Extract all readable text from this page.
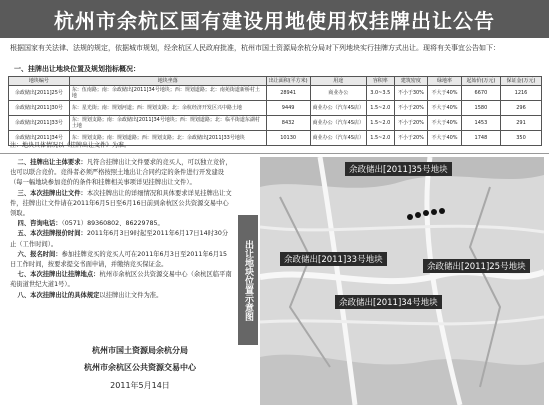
杭州市余杭区国有建设用地使用权挂牌出让公告
根据国家有关法律、法规的规定，依据城市规划，经余杭区人民政府批准，杭州市国土资源局余杭分局对下列地块实行挂牌方式出让。现将有关事宜公告如下：
一、挂牌出让地块位置及规划指标概况：
地块编号	地块坐落	出让面积(平方米)	用途	容积率	建筑密度	绿地率	起始价(万元)	保证金(万元)
余政储出[2011]25号	东：伍南路；南：余政储出[2011]34号地块；西：规划道路；北：南苑街道新桥村土地	28941	商业办公	3.0~3.5	不小于30%	不大于40%	6670	1216
余政储出[2011]30号	东：星光街；南：规划河道；西：规划支路；北：余杭经济开发区兴中路土地	9449	商业办公（汽车4S店）	1.5~2.0	不小于20%	不大于40%	1580	296
余政储出[2011]33号	东：规划支路；南：余政储出[2011]34号地块；西：规划道路；北：临平街道东湖村土地	8432	商业办公（汽车4S店）	1.5~2.0	不小于20%	不大于40%	1453	291
余政储出[2011]34号	东：规划支路；南：规划道路；西：规划支路；北：余政储出[2011]33号地块	10130	商业办公（汽车4S店）	1.5~2.0	不小于20%	不大于40%	1748	350
注：地块具体情况以《挂牌出让文件》为准。

二、挂牌出让主体要求：凡符合挂牌出让文件要求的竞买人，可以独立竞价，也可以联合竞价。竞得者必须严格按照土地出让合同约定的条件进行开发建设（每一幅地块参加竞价的条件和挂牌相关事项详见挂牌出让文件）。

三、本次挂牌出让文件：本次挂牌出让的详细情况和具体要求详见挂牌出让文件，挂牌出让文件请在2011年6月5日至6月16日前到余杭区公共资源交易中心领取。

四、咨询电话：（0571）89360802、86229785。

五、本次挂牌报价时间：2011年6月3日9时起至2011年6月17日14时30分止（工作时间）。

六、报名时间：参加挂牌竞买的竞买人可在2011年6月3日至2011年6月15日工作时间，按要求提交书面申请，并缴纳竞买保证金。

七、本次挂牌出让挂牌地点：杭州市余杭区公共资源交易中心（余杭区临平南苑街道世纪大道1号）。

八、本次挂牌出让的具体规定以挂牌出让文件为准。

杭州市国土资源局余杭分局
杭州市余杭区公共资源交易中心
2011年5月14日
出让地块位置示意图
余政储出[2011]35号地块
余政储出[2011]33号地块
余政储出[2011]25号地块
余政储出[2011]34号地块
